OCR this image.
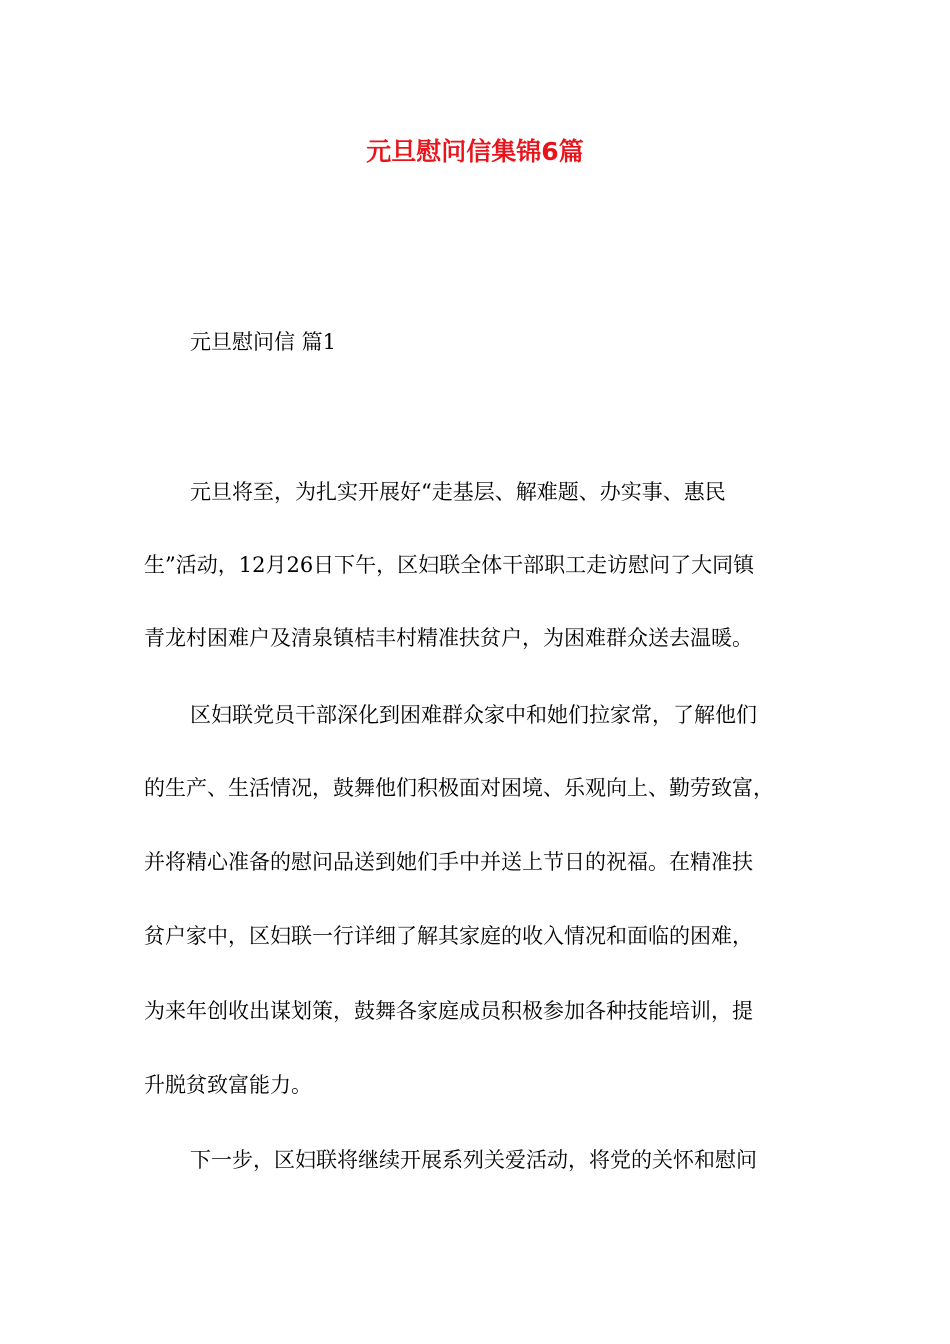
元旦慰问信集锦6篇

元旦慰问信 篇1

元旦将至，为扎实开展好“走基层、解难题、办实事、惠民

生”活动，12月26日下午，区妇联全体干部职工走访慰问了大同镇

青龙村困难户及清泉镇桔丰村精准扶贫户，为困难群众送去温暖。

区妇联党员干部深化到困难群众家中和她们拉家常，了解他们

的生产、生活情况，鼓舞他们积极面对困境、乐观向上、勤劳致富，

并将精心准备的慰问品送到她们手中并送上节日的祝福。在精准扶

贫户家中，区妇联一行详细了解其家庭的收入情况和面临的困难，

为来年创收出谋划策，鼓舞各家庭成员积极参加各种技能培训，提

升脱贫致富能力。

下一步，区妇联将继续开展系列关爱活动，将党的关怀和慰问
